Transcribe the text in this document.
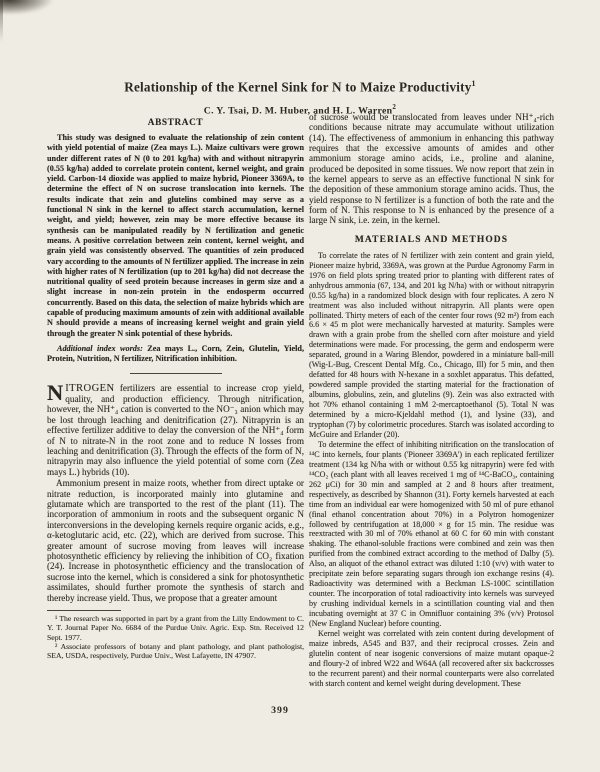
Relationship of the Kernel Sink for N to Maize Productivity$^1$
C. Y. Tsai, D. M. Huber, and H. L. Warren$^2$
ABSTRACT

This study was designed to evaluate the relationship of zein content with yield potential of maize (Zea mays L.). Maize cultivars were grown under different rates of N (0 to 201 kg/ha) with and without nitrapyrin (0.55 kg/ha) added to correlate protein content, kernel weight, and grain yield. Carbon-14 dioxide was applied to maize hybrid, Pioneer 3369A, to determine the effect of N on sucrose translocation into kernels. The results indicate that zein and glutelins combined may serve as a functional N sink in the kernel to affect starch accumulation, kernel weight, and yield; however, zein may be more effective because its synthesis can be manipulated readily by N fertilization and genetic means. A positive correlation between zein content, kernel weight, and grain yield was consistently observed. The quantities of zein produced vary according to the amounts of N fertilizer applied. The increase in zein with higher rates of N fertilization (up to 201 kg/ha) did not decrease the nutritional quality of seed protein because increases in germ size and a slight increase in non-zein protein in the endosperm occurred concurrently. Based on this data, the selection of maize hybrids which are capable of producing maximum amounts of zein with additional available N should provide a means of increasing kernel weight and grain yield through the greater N sink potential of these hybrids.

Additional index words: Zea mays L., Corn, Zein, Glutelin, Yield, Protein, Nutrition, N fertilizer, Nitrification inhibition.

NITROGEN fertilizers are essential to increase crop yield, quality, and production efficiency. Through nitrification, however, the NH⁺₄ cation is converted to the NO⁻₃ anion which may be lost through leaching and denitrification (27). Nitrapyrin is an effective fertilizer additive to delay the conversion of the NH⁺₄ form of N to nitrate-N in the root zone and to reduce N losses from leaching and denitrification (3). Through the effects of the form of N, nitrapyrin may also influence the yield potential of some corn (Zea mays L.) hybrids (10).

Ammonium present in maize roots, whether from direct uptake or nitrate reduction, is incorporated mainly into glutamine and glutamate which are transported to the rest of the plant (11). The incorporation of ammonium in roots and the subsequent organic N interconversions in the developing kernels require organic acids, e.g., α-ketoglutaric acid, etc. (22), which are derived from sucrose. This greater amount of sucrose moving from leaves will increase photosynthetic efficiency by relieving the inhibition of CO₂ fixation (24). Increase in photosynthetic efficiency and the translocation of sucrose into the kernel, which is considered a sink for photosynthetic assimilates, should further promote the synthesis of starch and thereby increase yield. Thus, we propose that a greater amount

¹ The research was supported in part by a grant from the Lilly Endowment to C. Y. T. Journal Paper No. 6684 of the Purdue Univ. Agric. Exp. Stn. Received 12 Sept. 1977.

² Associate professors of botany and plant pathology, and plant pathologist, SEA, USDA, respectively, Purdue Univ., West Lafayette, IN 47907.

of sucrose would be translocated from leaves under NH⁺₄-rich conditions because nitrate may accumulate without utilization (14). The effectiveness of ammonium in enhancing this pathway requires that the excessive amounts of amides and other ammonium storage amino acids, i.e., proline and alanine, produced be deposited in some tissues. We now report that zein in the kernel appears to serve as an effective functional N sink for the deposition of these ammonium storage amino acids. Thus, the yield response to N fertilizer is a function of both the rate and the form of N. This response to N is enhanced by the presence of a large N sink, i.e. zein, in the kernel.

MATERIALS AND METHODS

To correlate the rates of N fertilizer with zein content and grain yield, Pioneer maize hybrid, 3369A, was grown at the Purdue Agronomy Farm in 1976 on field plots spring treated prior to planting with different rates of anhydrous ammonia (67, 134, and 201 kg N/ha) with or without nitrapyrin (0.55 kg/ha) in a randomized block design with four replicates. A zero N treatment was also included without nitrapyrin. All plants were open pollinated. Thirty meters of each of the center four rows (92 m²) from each 6.6 × 45 m plot were mechanically harvested at maturity. Samples were drawn with a grain probe from the shelled corn after moisture and yield determinations were made. For processing, the germ and endosperm were separated, ground in a Waring Blendor, powdered in a miniature ball-mill (Wig-L-Bug, Crescent Dental Mfg. Co., Chicago, Ill) for 5 min, and then defatted for 48 hours with N-hexane in a soxhlet apparatus. This defatted, powdered sample provided the starting material for the fractionation of albumins, globulins, zein, and glutelins (9). Zein was also extracted with hot 70% ethanol containing 1 mM 2-mercaptoethanol (5). Total N was determined by a micro-Kjeldahl method (1), and lysine (33), and tryptophan (7) by colorimetric procedures. Starch was isolated according to McGuire and Erlander (20).

To determine the effect of inhibiting nitrification on the translocation of ¹⁴C into kernels, four plants ('Pioneer 3369A') in each replicated fertilizer treatment (134 kg N/ha with or without 0.55 kg nitrapyrin) were fed with ¹⁴CO₂ (each plant with all leaves received 1 mg of ¹⁴C-BaCO₃, containing 262 μCi) for 30 min and sampled at 2 and 8 hours after treatment, respectively, as described by Shannon (31). Forty kernels harvested at each time from an individual ear were homogenized with 50 ml of pure ethanol (final ethanol concentration about 70%) in a Polytron homogenizer followed by centrifugation at 18,000 × g for 15 min. The residue was reextracted with 30 ml of 70% ethanol at 60 C for 60 min with constant shaking. The ethanol-soluble fractions were combined and zein was then purified from the combined extract according to the method of Dalby (5). Also, an aliquot of the ethanol extract was diluted 1:10 (v/v) with water to precipitate zein before separating sugars through ion exchange resins (4). Radioactivity was determined with a Beckman LS-100C scintillation counter. The incorporation of total radioactivity into kernels was surveyed by crushing individual kernels in a scintillation counting vial and then incubating overnight at 37 C in Omnifluor containing 3% (v/v) Protosol (New England Nuclear) before counting.

Kernel weight was correlated with zein content during development of maize inbreds, A545 and B37, and their reciprocal crosses. Zein and glutelin content of near isogenic conversions of maize mutant opaque-2 and floury-2 of inbred W22 and W64A (all recovered after six backcrosses to the recurrent parent) and their normal counterparts were also correlated with starch content and kernel weight during development. These

399
